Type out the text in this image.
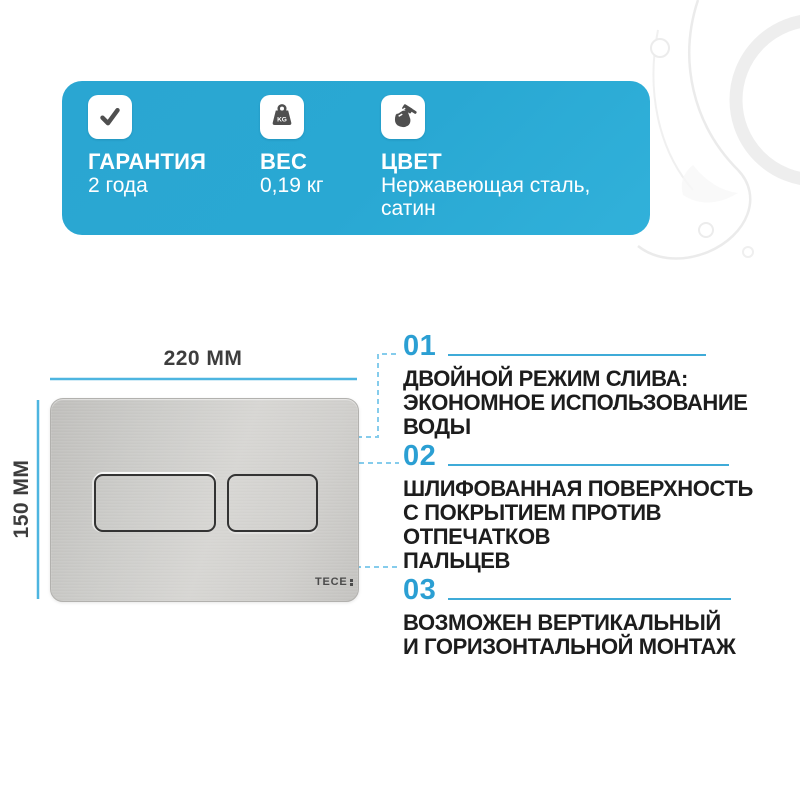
ГАРАНТИЯ
2 года
KG
ВЕС
0,19 кг
ЦВЕТ
Нержавеющая сталь, сатин
220 ММ
150 ММ
TECE
01
ДВОЙНОЙ РЕЖИМ СЛИВА:
ЭКОНОМНОЕ ИСПОЛЬЗОВАНИЕ ВОДЫ
02
ШЛИФОВАННАЯ ПОВЕРХНОСТЬ
С ПОКРЫТИЕМ ПРОТИВ ОТПЕЧАТКОВ
ПАЛЬЦЕВ
03
ВОЗМОЖЕН ВЕРТИКАЛЬНЫЙ
И ГОРИЗОНТАЛЬНОЙ МОНТАЖ
